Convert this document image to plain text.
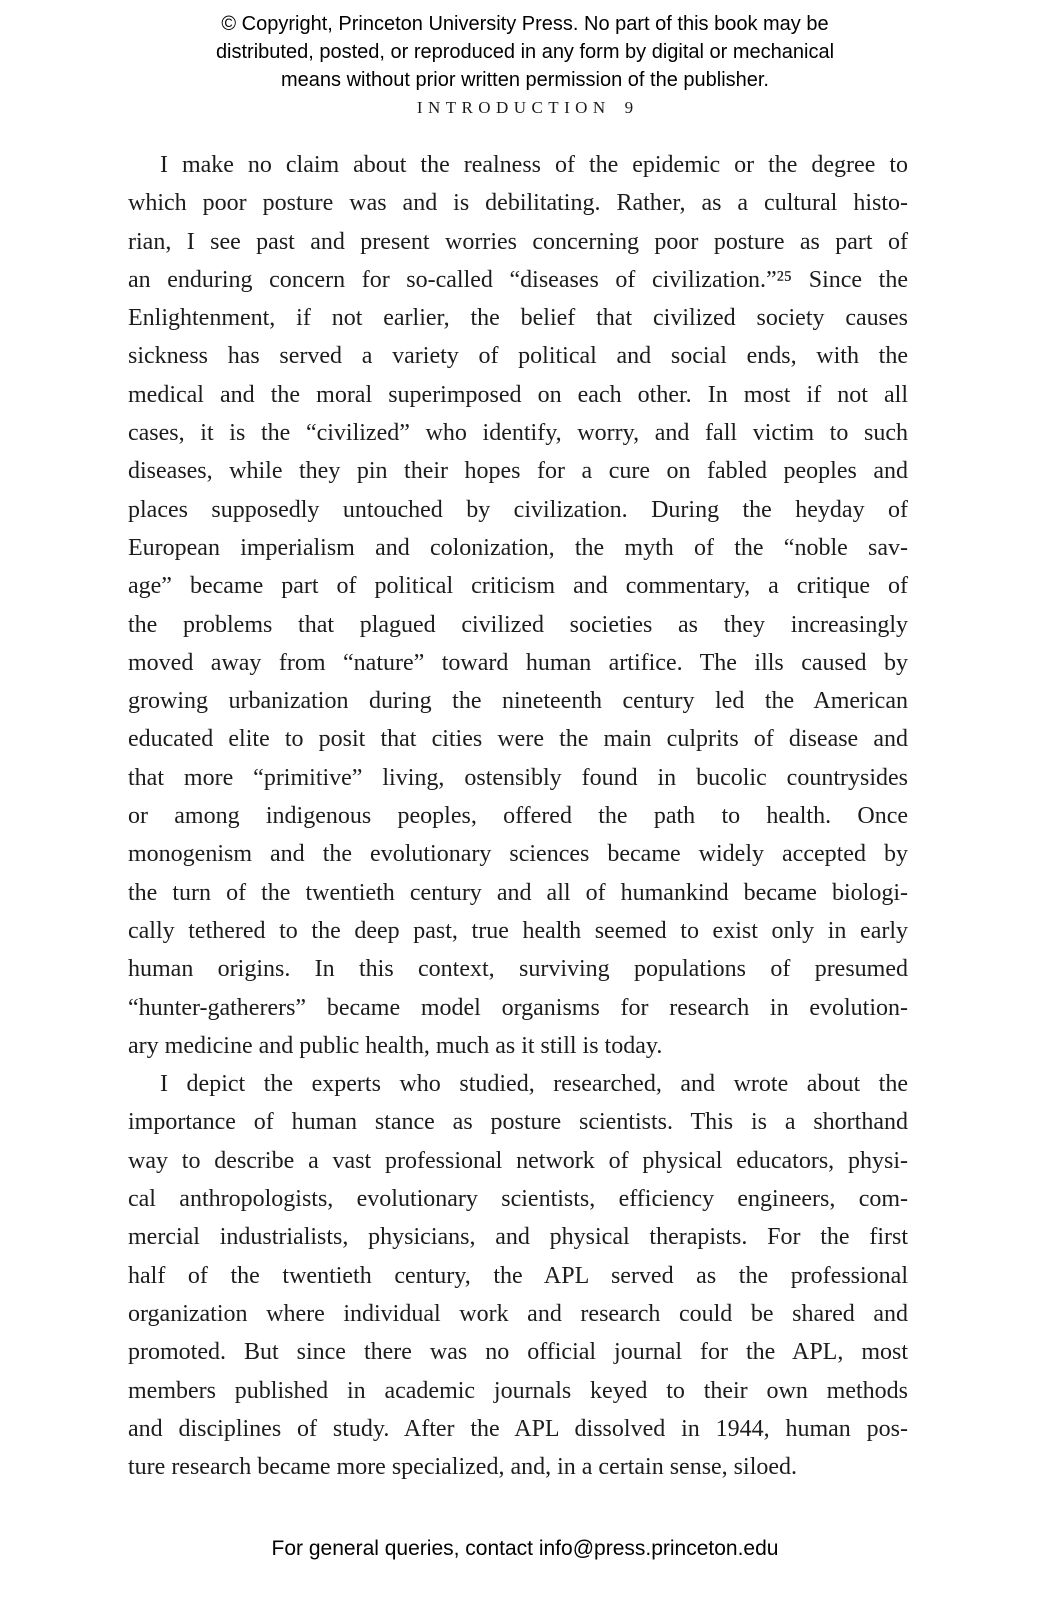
© Copyright, Princeton University Press. No part of this book may be
distributed, posted, or reproduced in any form by digital or mechanical
means without prior written permission of the publisher.
INTRODUCTION 9
I make no claim about the realness of the epidemic or the degree to
which poor posture was and is debilitating. Rather, as a cultural histo-
rian, I see past and present worries concerning poor posture as part of
an enduring concern for so-called “diseases of civilization.”²⁵ Since the
Enlightenment, if not earlier, the belief that civilized society causes
sickness has served a variety of political and social ends, with the
medical and the moral superimposed on each other. In most if not all
cases, it is the “civilized” who identify, worry, and fall victim to such
diseases, while they pin their hopes for a cure on fabled peoples and
places supposedly untouched by civilization. During the heyday of
European imperialism and colonization, the myth of the “noble sav-
age” became part of political criticism and commentary, a critique of
the problems that plagued civilized societies as they increasingly
moved away from “nature” toward human artifice. The ills caused by
growing urbanization during the nineteenth century led the American
educated elite to posit that cities were the main culprits of disease and
that more “primitive” living, ostensibly found in bucolic countrysides
or among indigenous peoples, offered the path to health. Once
monogenism and the evolutionary sciences became widely accepted by
the turn of the twentieth century and all of humankind became biologi-
cally tethered to the deep past, true health seemed to exist only in early
human origins. In this context, surviving populations of presumed
“hunter-gatherers” became model organisms for research in evolution-
ary medicine and public health, much as it still is today.
I depict the experts who studied, researched, and wrote about the
importance of human stance as posture scientists. This is a shorthand
way to describe a vast professional network of physical educators, physi-
cal anthropologists, evolutionary scientists, efficiency engineers, com-
mercial industrialists, physicians, and physical therapists. For the first
half of the twentieth century, the APL served as the professional
organization where individual work and research could be shared and
promoted. But since there was no official journal for the APL, most
members published in academic journals keyed to their own methods
and disciplines of study. After the APL dissolved in 1944, human pos-
ture research became more specialized, and, in a certain sense, siloed.
For general queries, contact info@press.princeton.edu
